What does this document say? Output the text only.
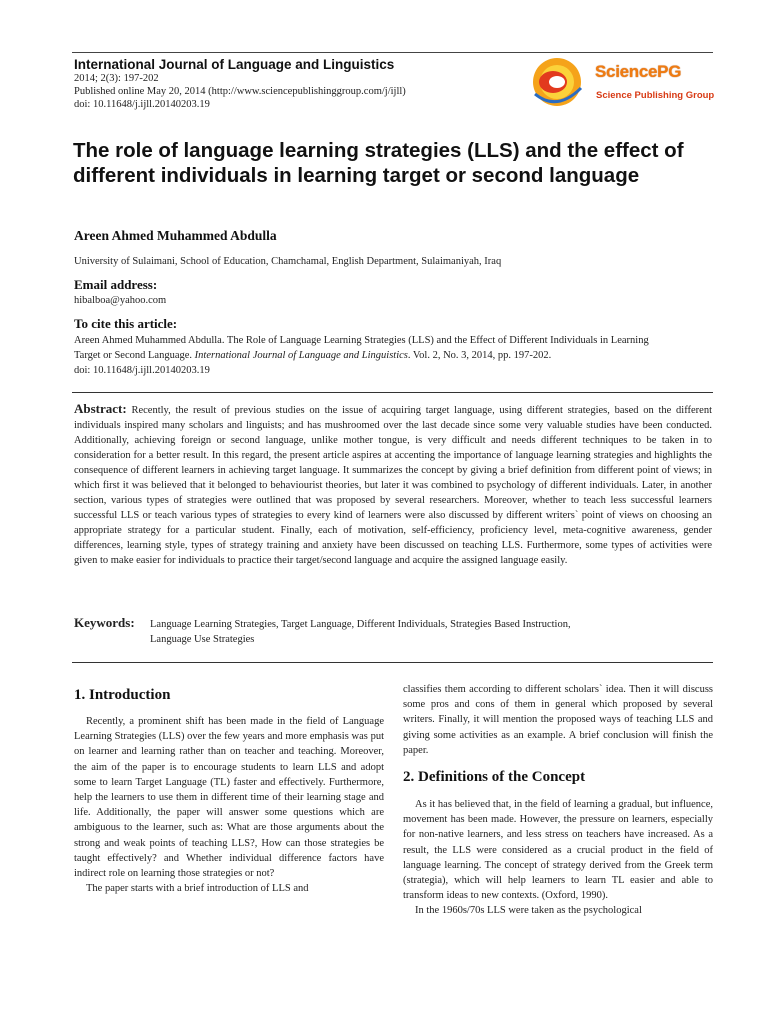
International Journal of Language and Linguistics
2014; 2(3): 197-202
Published online May 20, 2014 (http://www.sciencepublishinggroup.com/j/ijll)
doi: 10.11648/j.ijll.20140203.19
SciencePG
Science Publishing Group
The role of language learning strategies (LLS) and the effect of different individuals in learning target or second language
Areen Ahmed Muhammed Abdulla
University of Sulaimani, School of Education, Chamchamal, English Department, Sulaimaniyah, Iraq
Email address:
hibalboa@yahoo.com
To cite this article:
Areen Ahmed Muhammed Abdulla. The Role of Language Learning Strategies (LLS) and the Effect of Different Individuals in Learning
Target or Second Language. International Journal of Language and Linguistics. Vol. 2, No. 3, 2014, pp. 197-202.
doi: 10.11648/j.ijll.20140203.19

Abstract: Recently, the result of previous studies on the issue of acquiring target language, using different strategies, based on the different individuals inspired many scholars and linguists; and has mushroomed over the last decade since some very valuable studies have been conducted. Additionally, achieving foreign or second language, unlike mother tongue, is very difficult and needs different techniques to be taken in to consideration for a better result. In this regard, the present article aspires at accenting the importance of language learning strategies and highlights the consequence of different learners in achieving target language. It summarizes the concept by giving a brief definition from different point of views; in which first it was believed that it belonged to behaviourist theories, but later it was combined to psychology of different individuals. Later, in another section, various types of strategies were outlined that was proposed by several researchers. Moreover, whether to teach less successful learners successful LLS or teach various types of strategies to every kind of learners were also discussed by different writers` point of views on choosing an appropriate strategy for a particular student. Finally, each of motivation, self-efficiency, proficiency level, meta-cognitive awareness, gender differences, learning style, types of strategy training and anxiety have been discussed on teaching LLS. Furthermore, some types of activities were given to make easier for individuals to practice their target/second language and acquire the assigned language easily.

Keywords: Language Learning Strategies, Target Language, Different Individuals, Strategies Based Instruction,
Language Use Strategies
1. Introduction

Recently, a prominent shift has been made in the field of Language Learning Strategies (LLS) over the few years and more emphasis was put on learner and learning rather than on teacher and teaching. Moreover, the aim of the paper is to encourage students to learn LLS and adopt some to learn Target Language (TL) faster and effectively. Furthermore, help the learners to use them in different time of their learning stage and life. Additionally, the paper will answer some questions which are ambiguous to the learner, such as: What are those arguments about the strong and weak points of teaching LLS?, How can those strategies be taught effectively? and Whether individual difference factors have indirect role on learning those strategies or not?

The paper starts with a brief introduction of LLS and

classifies them according to different scholars` idea. Then it will discuss some pros and cons of them in general which proposed by several writers. Finally, it will mention the proposed ways of teaching LLS and giving some activities as an example. A brief conclusion will finish the paper.

2. Definitions of the Concept

As it has believed that, in the field of learning a gradual, but influence, movement has been made. However, the pressure on learners, especially for non-native learners, and less stress on teachers have increased. As a result, the LLS were considered as a crucial product in the field of language learning. The concept of strategy derived from the Greek term (strategia), which will help learners to learn TL easier and able to transform ideas to new contexts. (Oxford, 1990).

In the 1960s/70s LLS were taken as the psychological
